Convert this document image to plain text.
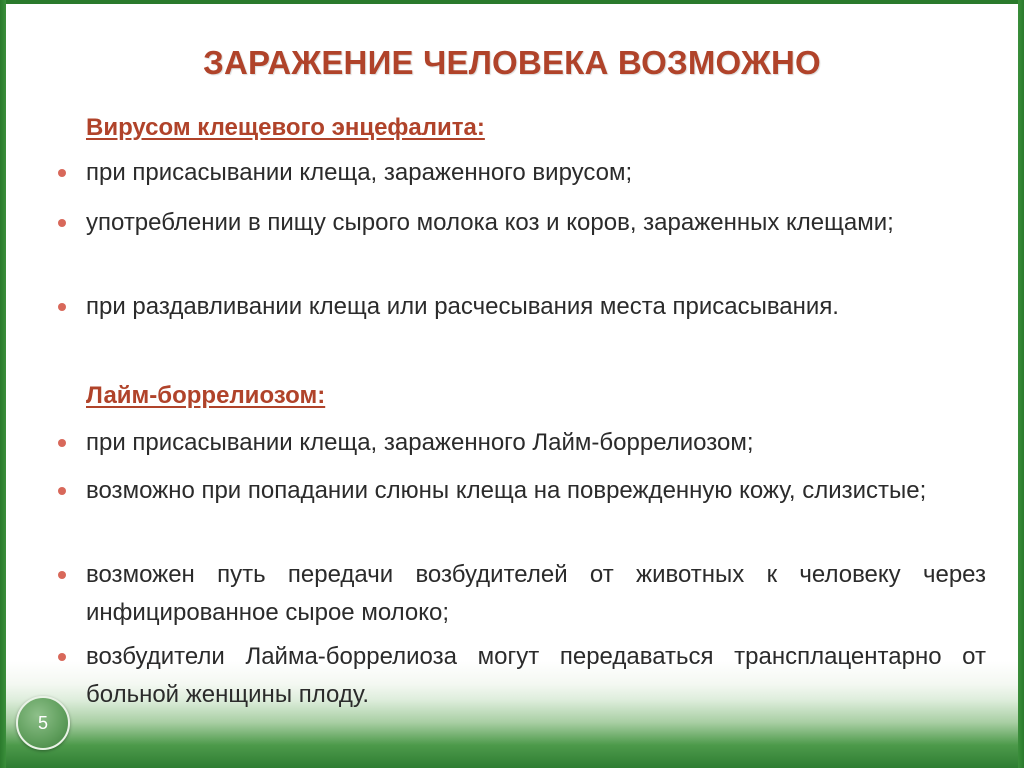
ЗАРАЖЕНИЕ ЧЕЛОВЕКА ВОЗМОЖНО
Вирусом клещевого энцефалита:
при присасывании клеща, зараженного вирусом;
употреблении в пищу сырого молока коз и коров, зараженных клещами;
при раздавливании клеща или расчесывания места присасывания.
Лайм-боррелиозом:
при присасывании клеща, зараженного Лайм-боррелиозом;
возможно при попадании слюны клеща на поврежденную кожу, слизистые;
возможен путь передачи возбудителей от животных к человеку через инфицированное сырое молоко;
возбудители Лайма-боррелиоза могут передаваться трансплацентарно от больной женщины плоду.
5
